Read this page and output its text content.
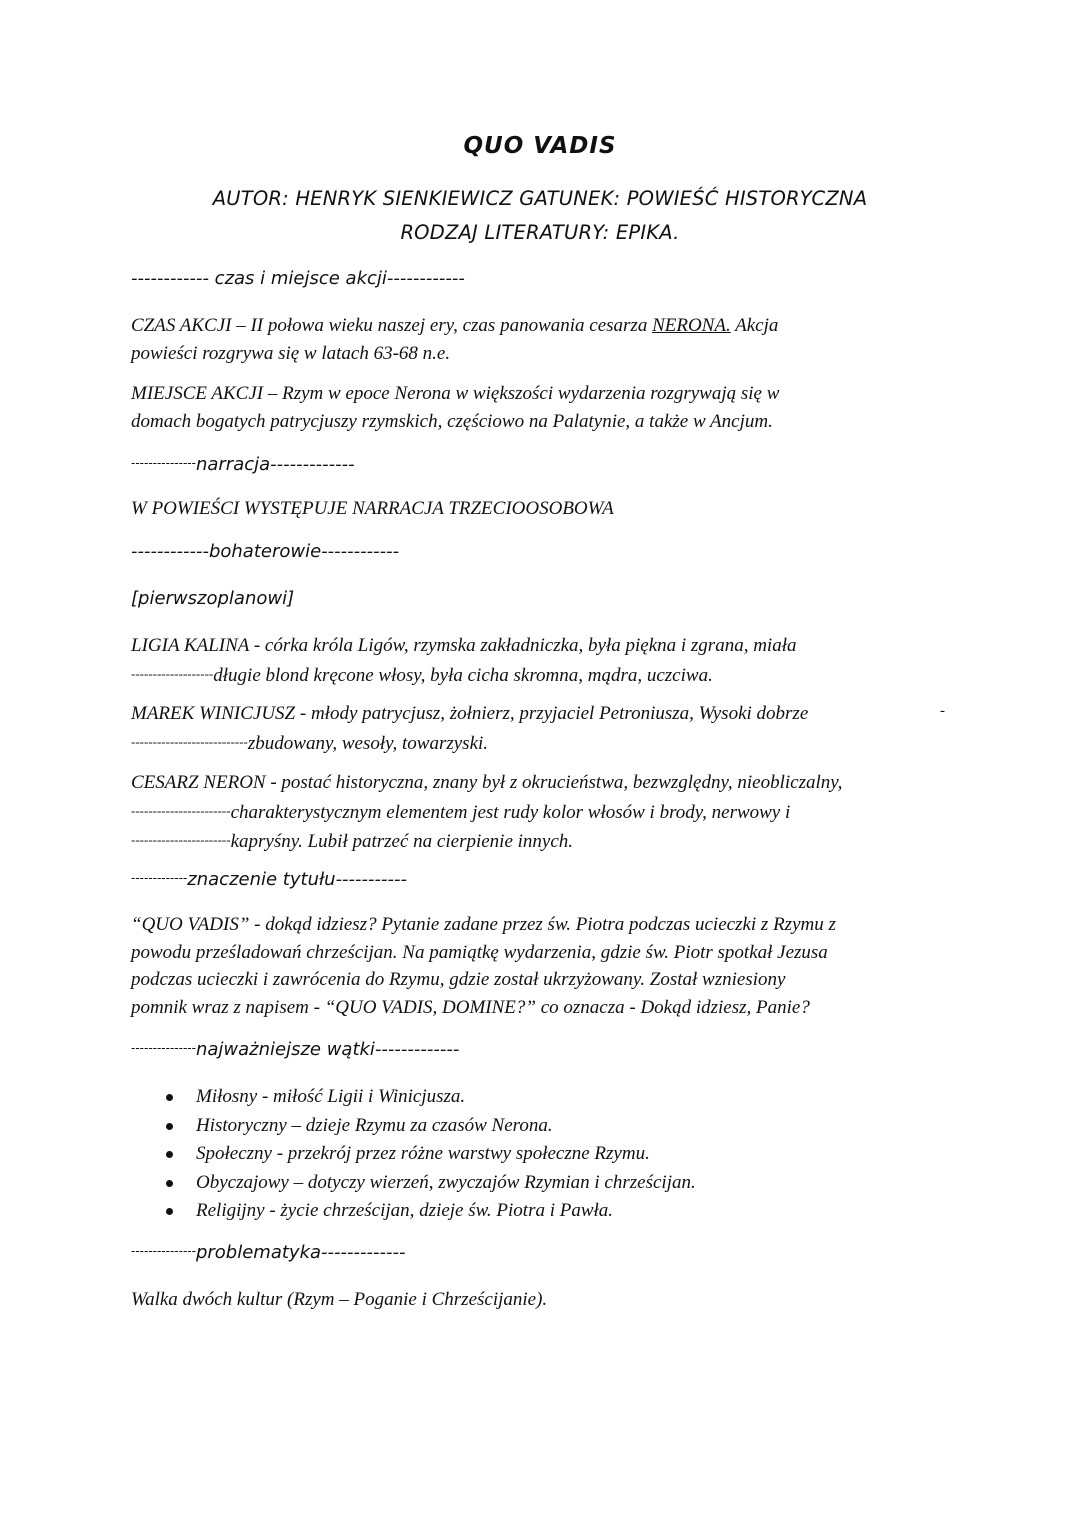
QUO VADIS
AUTOR: HENRYK SIENKIEWICZ GATUNEK: POWIEŚĆ HISTORYCZNA
RODZAJ LITERATURY: EPIKA.
------------ czas i miejsce akcji------------
CZAS AKCJI – II połowa wieku naszej ery, czas panowania cesarza NERONA. Akcja
powieści rozgrywa się w latach 63-68 n.e.
MIEJSCE AKCJI – Rzym w epoce Nerona w większości wydarzenia rozgrywają się w
domach bogatych patrycjuszy rzymskich, częściowo na Palatynie, a także w Ancjum.
---------------narracja-------------
W POWIEŚCI WYSTĘPUJE NARRACJA TRZECIOOSOBOWA
------------bohaterowie------------
[pierwszoplanowi]
LIGIA KALINA - córka króla Ligów, rzymska zakładniczka, była piękna i zgrana, miała
-------------------długie blond kręcone włosy, była cicha skromna, mądra, uczciwa.
MAREK WINICJUSZ - młody patrycjusz, żołnierz, przyjaciel Petroniusza, Wysoki dobrze
---------------------------zbudowany, wesoły, towarzyski.
-
CESARZ NERON - postać historyczna, znany był z okrucieństwa, bezwzględny, nieobliczalny,
-----------------------charakterystycznym elementem jest rudy kolor włosów i brody, nerwowy i
-----------------------kapryśny. Lubił patrzeć na cierpienie innych.
-------------znaczenie tytułu-----------
“QUO VADIS” - dokąd idziesz? Pytanie zadane przez św. Piotra podczas ucieczki z Rzymu z
powodu prześladowań chrześcijan. Na pamiątkę wydarzenia, gdzie św. Piotr spotkał Jezusa
podczas ucieczki i zawrócenia do Rzymu, gdzie został ukrzyżowany. Został wzniesiony
pomnik wraz z napisem - “QUO VADIS, DOMINE?” co oznacza - Dokąd idziesz, Panie?
---------------najważniejsze wątki-------------
Miłosny - miłość Ligii i Winicjusza.
Historyczny – dzieje Rzymu za czasów Nerona.
Społeczny - przekrój przez różne warstwy społeczne Rzymu.
Obyczajowy – dotyczy wierzeń, zwyczajów Rzymian i chrześcijan.
Religijny - życie chrześcijan, dzieje św. Piotra i Pawła.
---------------problematyka-------------
Walka dwóch kultur (Rzym – Poganie i Chrześcijanie).
